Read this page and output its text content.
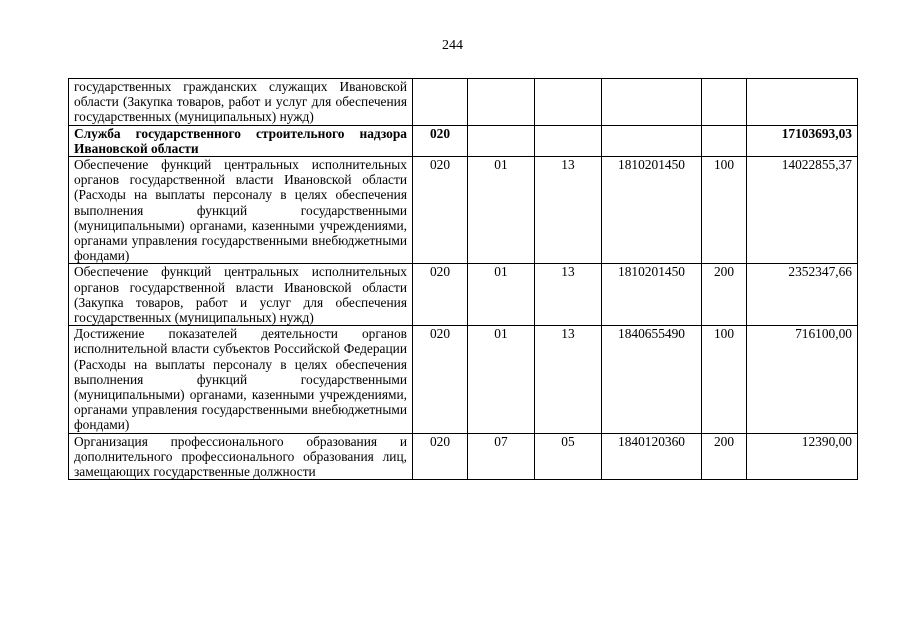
244
государственных гражданских служащих Ивановской области (Закупка товаров, работ и услуг для обеспечения государственных (муниципальных) нужд)						
Служба государственного строительного надзора Ивановской области	020					17103693,03
Обеспечение функций центральных исполнительных органов государственной власти Ивановской области (Расходы на выплаты персоналу в целях обеспечения выполнения функций государственными (муниципальными) органами, казенными учреждениями, органами управления государственными внебюджетными фондами)	020	01	13	1810201450	100	14022855,37
Обеспечение функций центральных исполнительных органов государственной власти Ивановской области (Закупка товаров, работ и услуг для обеспечения государственных (муниципальных) нужд)	020	01	13	1810201450	200	2352347,66
Достижение показателей деятельности органов исполнительной власти субъектов Российской Федерации (Расходы на выплаты персоналу в целях обеспечения выполнения функций государственными (муниципальными) органами, казенными учреждениями, органами управления государственными внебюджетными фондами)	020	01	13	1840655490	100	716100,00
Организация профессионального образования и дополнительного профессионального образования лиц, замещающих государственные должности	020	07	05	1840120360	200	12390,00
